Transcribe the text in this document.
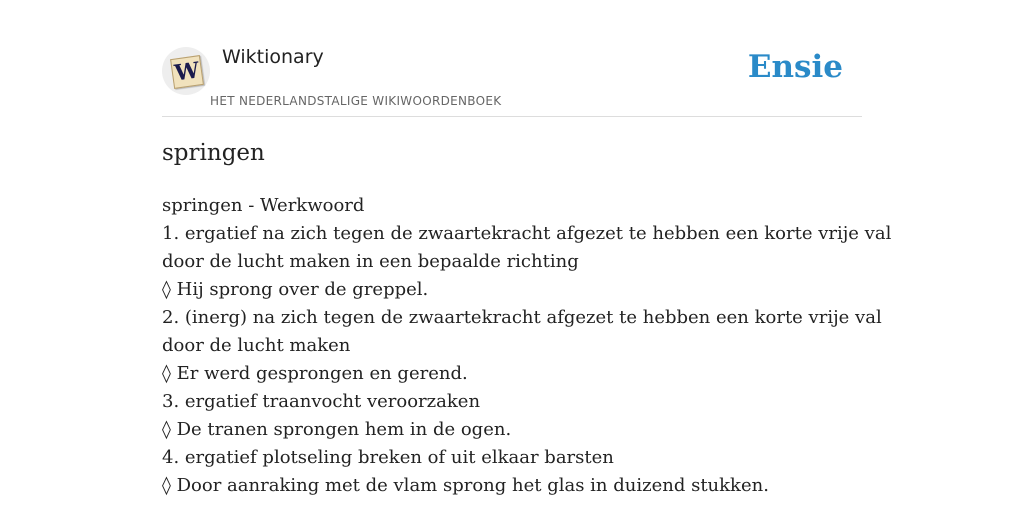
W
Wiktionary
HET NEDERLANDSTALIGE WIKIWOORDENBOEK
Ensie
springen
springen - Werkwoord
1. ergatief na zich tegen de zwaartekracht afgezet te hebben een korte vrije val
door de lucht maken in een bepaalde richting
◊ Hij sprong over de greppel.
2. (inerg) na zich tegen de zwaartekracht afgezet te hebben een korte vrije val
door de lucht maken
◊ Er werd gesprongen en gerend.
3. ergatief traanvocht veroorzaken
◊ De tranen sprongen hem in de ogen.
4. ergatief plotseling breken of uit elkaar barsten
◊ Door aanraking met de vlam sprong het glas in duizend stukken.
